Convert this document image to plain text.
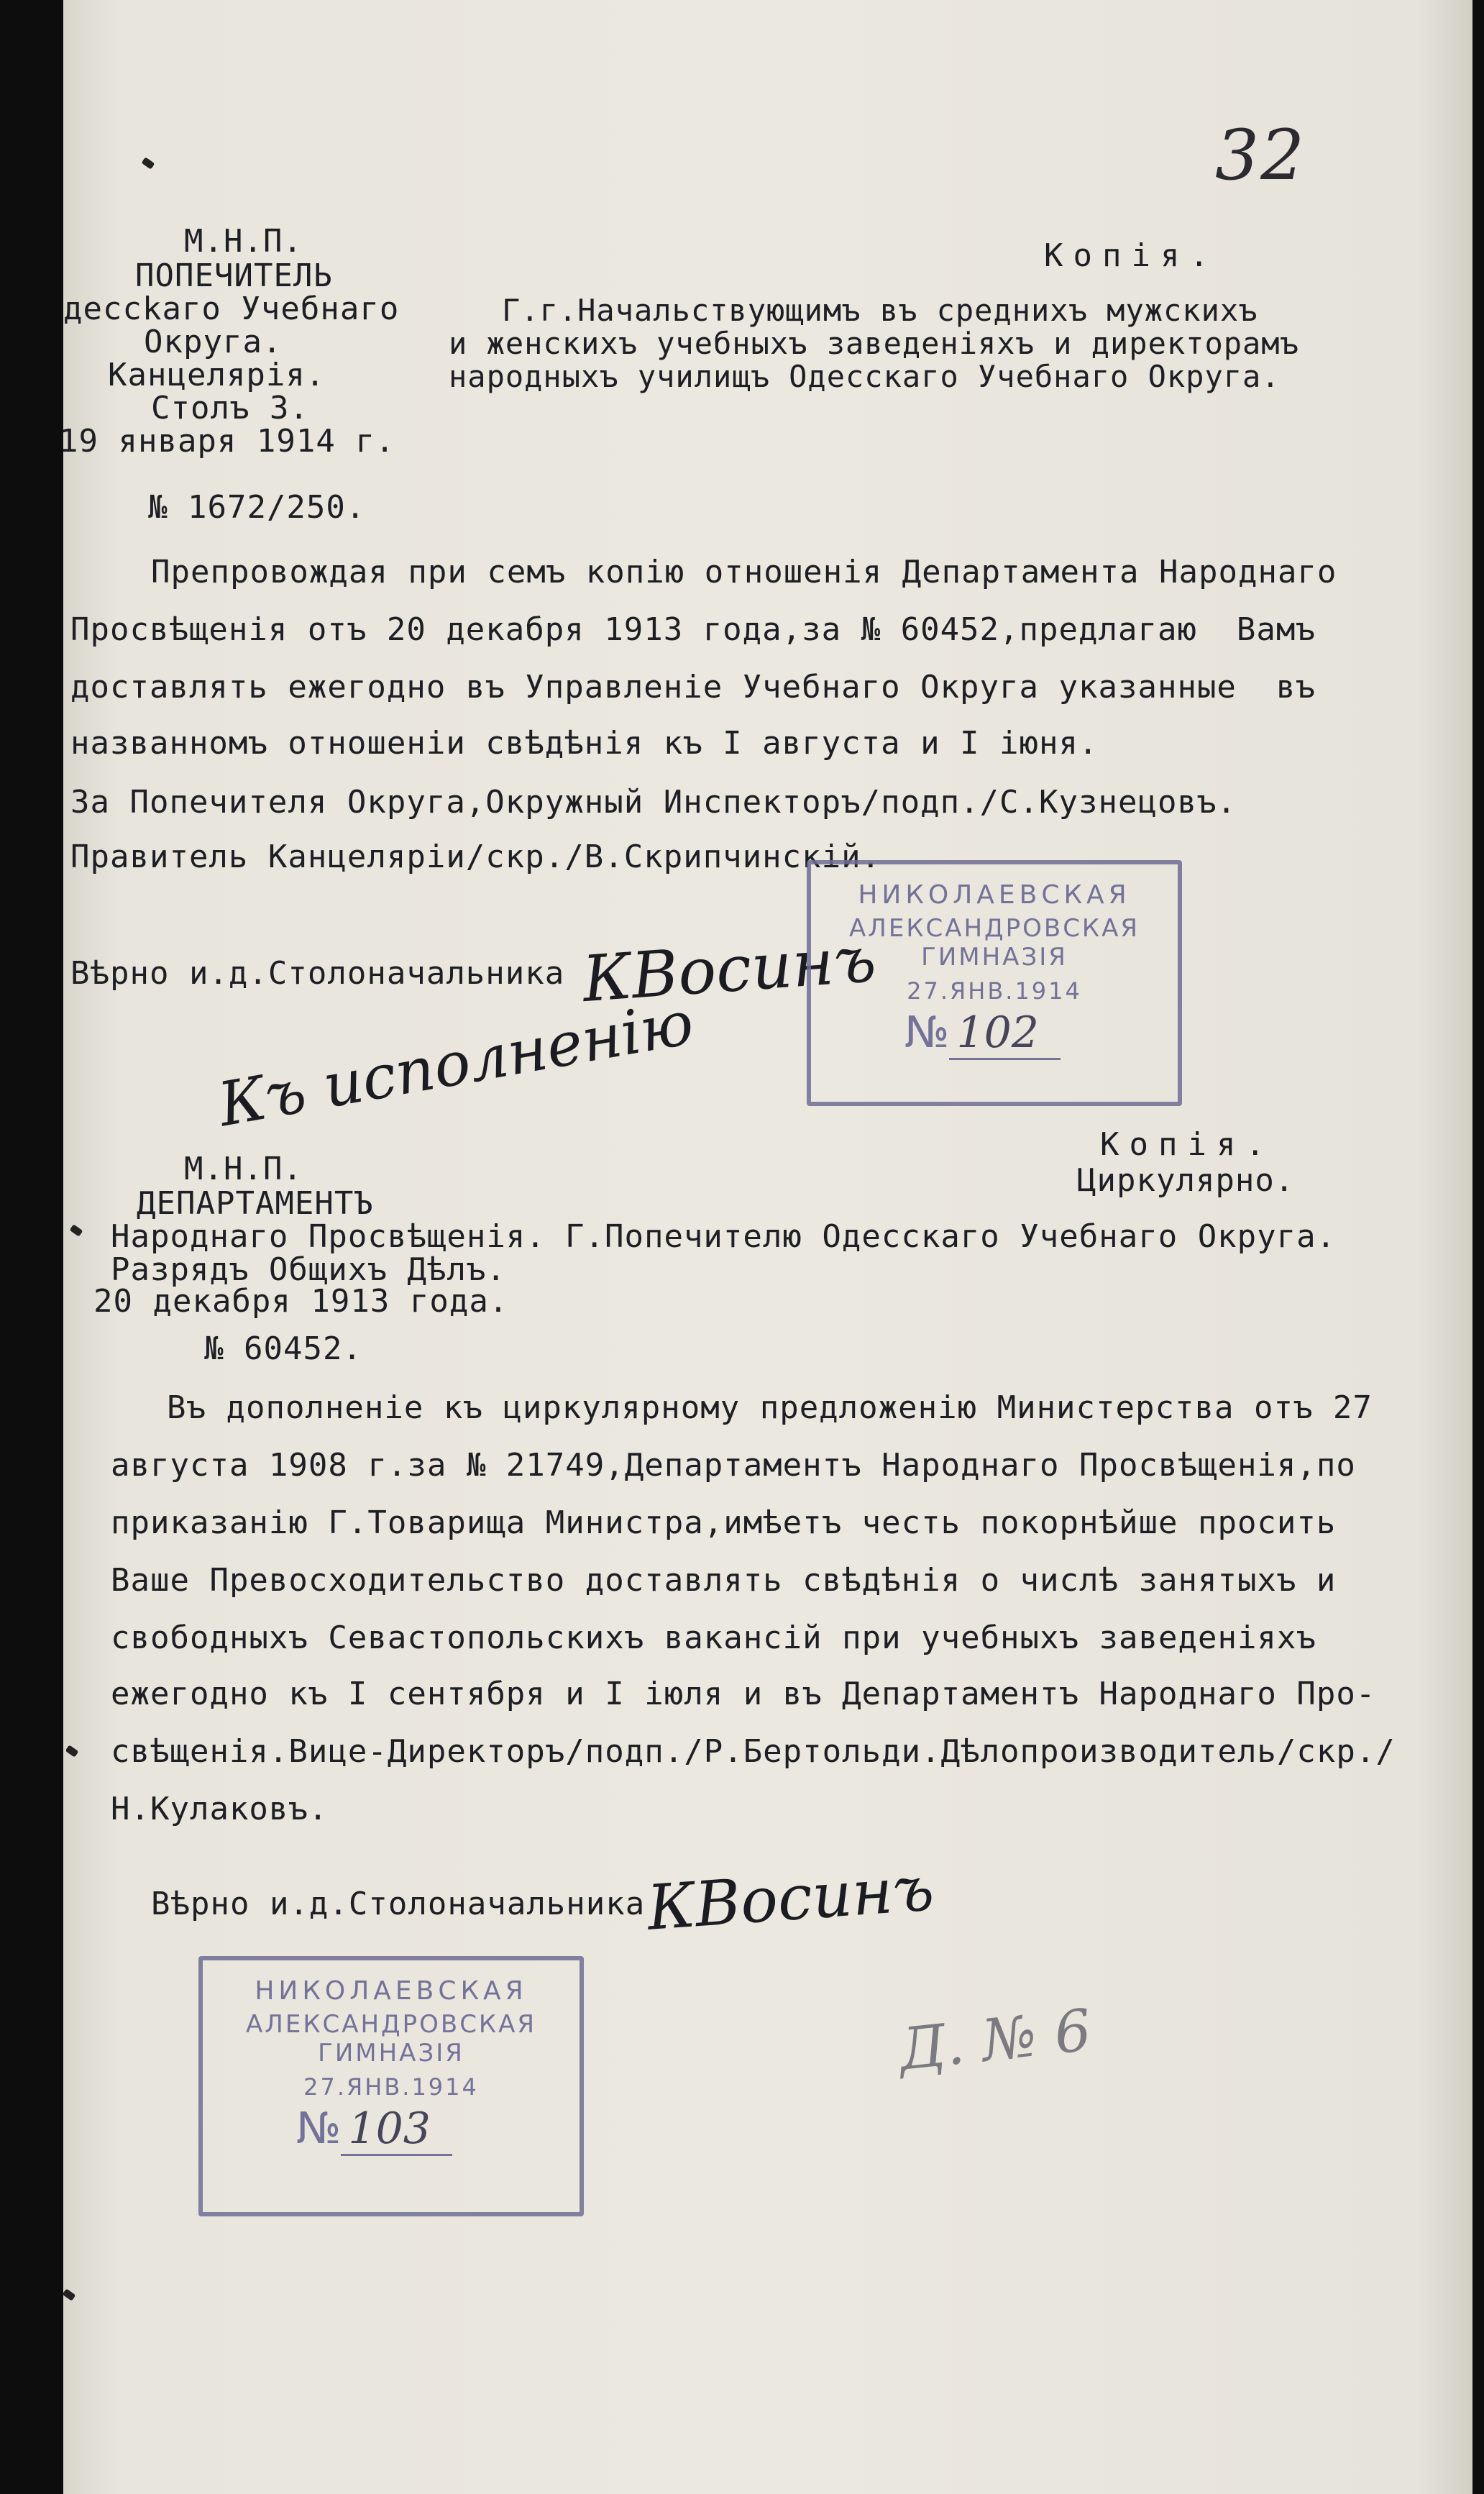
32
М.Н.П.
ПОПЕЧИТЕЛЬ
дессkаго Учебнаго
Округа.
Канцелярія.
Столъ 3.
19 января 1914 г.
№ 1672/250.
Копія.
Г.г.Начальствующимъ въ среднихъ мужскихъ
и женскихъ учебныхъ заведеніяхъ и директорамъ
народныхъ училищъ Одесскаго Учебнаго Округа.
Препровождая при семъ копію отношенія Департамента Народнаго
Просвѣщенія отъ 20 декабря 1913 года,за № 60452,предлагаю  Вамъ
доставлять ежегодно въ Управленіе Учебнаго Округа указанные  въ
названномъ отношеніи свѣдѣнія къ I августа и I іюня.
За Попечителя Округа,Окружный Инспекторъ/подп./С.Кузнецовъ.
Правитель Канцеляріи/скр./В.Скрипчинскій.
Вѣрно и.д.Столоначальника КВосинъ
Къ исполненію
НИКОЛАЕВСКАЯ
АЛЕКСАНДРОВСКАЯ ГИМНАЗІЯ
27.ЯНВ.1914
№ 102
М.Н.П.
ДЕПАРТАМЕНТЪ
Народнаго Просвѣщенія.
Разрядъ Общихъ Дѣлъ.
20 декабря 1913 года.
№ 60452.
Копія.
Циркулярно.
Г.Попечителю Одесскаго Учебнаго Округа.
Въ дополненіе къ циркулярному предложенію Министерства отъ 27
августа 1908 г.за № 21749,Департаментъ Народнаго Просвѣщенія,по
приказанію Г.Товарища Министра,имѣетъ честь покорнѣйше просить
Ваше Превосходительство доставлять свѣдѣнія о числѣ занятыхъ и
свободныхъ Севастопольскихъ вакансій при учебныхъ заведеніяхъ
ежегодно къ I сентября и I іюля и въ Департаментъ Народнаго Про-
свѣщенія.Вице-Директоръ/подп./Р.Бертольди.Дѣлопроизводитель/скр./
Н.Кулаковъ.
Вѣрно и.д.Столоначальника КВосинъ
НИКОЛАЕВСКАЯ
АЛЕКСАНДРОВСКАЯ ГИМНАЗІЯ
27.ЯНВ.1914
№ 103
Д. № 6
